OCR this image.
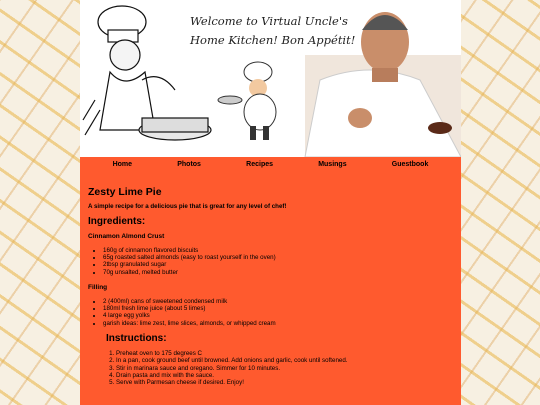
Welcome to Virtual Uncle's
Home Kitchen! Bon Appétit!
Home	Photos	Recipes	Musings	Guestbook
Zesty Lime Pie

A simple recipe for a delicious pie that is great for any level of chef!

Ingredients:
Cinnamon Almond Crust
• 160g of cinnamon flavored biscuits
• 65g roasted salted almonds (easy to roast yourself in the oven)
• 2tbsp granulated sugar
• 70g unsalted, melted butter
Filling
• 2 (400ml) cans of sweetened condensed milk
• 180ml fresh lime juice (about 5 limes)
• 4 large egg yolks
• garish ideas: lime zest, lime slices, almonds, or whipped cream
Instructions:
1. Preheat oven to 175 degrees C
2. In a pan, cook ground beef until browned. Add onions and garlic, cook until softened.
3. Stir in marinara sauce and oregano. Simmer for 10 minutes.
4. Drain pasta and mix with the sauce.
5. Serve with Parmesan cheese if desired. Enjoy!
